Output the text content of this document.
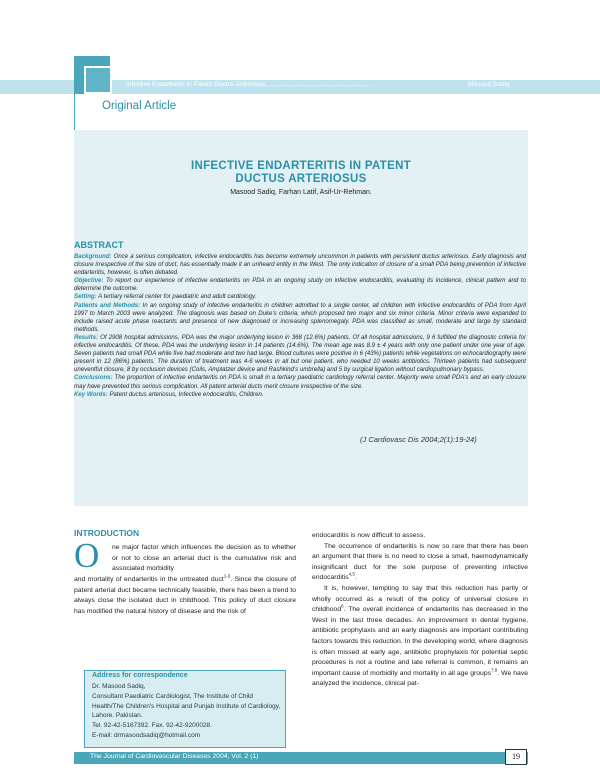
Infective Endarteritis in Patent Ductus Arteriosus............................................................	Masood Sadiq
Original Article
INFECTIVE ENDARTERITIS IN PATENT
DUCTUS ARTERIOSUS
Masood Sadiq, Farhan Latif, Asif-Ur-Rehman.
ABSTRACT
Background: Once a serious complication, infective endocarditis has become extremely uncommon in patients with persistent ductus arteriosus. Early diagnosis and closure irrespective of the size of duct, has essentially made it an unheard entity in the West. The only indication of closure of a small PDA being prevention of infective endarteritis, however, is often debated.
Objective: To report our experience of infective endarteritis on PDA in an ongoing study on infective endocarditis, evaluating its incidence, clinical pattern and to determine the outcome.
Setting: A tertiary referral center for paediatric and adult cardiology.
Patients and Methods: In an ongoing study of infective endarteritis in children admitted to a single center, all children with infective endocarditis of PDA from April 1997 to March 2003 were analyzed. The diagnosis was based on Duke's criteria, which proposed two major and six minor criteria. Minor criteria were expanded to include raised acute phase reactants and presence of new diagnosed or increasing splenomegaly. PDA was classified as small, moderate and large by standard methods.
Results: Of 2908 hospital admissions, PDA was the major underlying lesion in 368 (12.6%) patients. Of all hospital admissions, 9 6 fulfilled the diagnostic criteria for infective endocarditis. Of these, PDA was the underlying lesion in 14 patients (14.6%). The mean age was 8.9 ± 4 years with only one patient under one year of age. Seven patients had small PDA while five had moderate and two had large. Blood cultures were positive in 6 (43%) patients while vegetations on echocardiography were present in 12 (86%) patients. The duration of treatment was 4-6 weeks in all but one patient, who needed 10 weeks antibiotics. Thirteen patients had subsequent uneventful closure, 8 by occlusion devices (Coils, Amplatzer device and Rashkind's umbrella) and 5 by surgical ligation without cardiopulmonary bypass.
Conclusions: The proportion of infective endarteritis on PDA is small in a tertiary paediatric cardiology referral center. Majority were small PDA's and an early closure may have prevented this serious complication. All patent arterial ducts merit closure irrespective of the size.
Key Words: Patent ductus arteriosus, Infective endocarditis, Children.
(J Cardiovasc Dis 2004;2(1):19-24)
INTRODUCTION
O ne major factor which influences the decision as to whether or not to close an arterial duct is the cumulative risk and associated morbidity
and mortality of endarteritis in the untreated duct$^{1-3}$. Since the closure of patent arterial duct became technically feasible, there has been a trend to always close the isolated duct in childhood. This policy of duct closure has modified the natural history of disease and the risk of
Address for correspondence
Dr. Masood Sadiq,
Consultant Paediatric Cardiologist, The Institute of Child Health/The Children's Hospital and Punjab Institute of Cardiology, Lahore. Pakistan.
Tel. 92-42-5167392. Fax. 92-42-9200028.
E-mail: drmasoodsadiq@hotmail.com
endocarditis is now difficult to assess.
The occurrence of endarteritis is now so rare that there has been an argument that there is no need to close a small, haemodynamically insignificant duct for the sole purpose of preventing infective endocarditis$^{4,5}$.
It is, however, tempting to say that this reduction has partly or wholly occurred as a result of the policy of universal closure in childhood$^6$. The overall incidence of endarteritis has decreased in the West in the last three decades. An improvement in dental hygiene, antibiotic prophylaxis and an early diagnosis are important contributing factors towards this reduction. In the developing world, where diagnosis is often missed at early age, antibiotic prophylaxis for potential septic procedures is not a routine and late referral is common, it remains an important cause of morbidity and mortality in all age groups$^{7,8}$. We have analyzed the incidence, clinical pat-
The Journal of Cardiovascular Diseases 2004, Vol. 2 (1)	19
